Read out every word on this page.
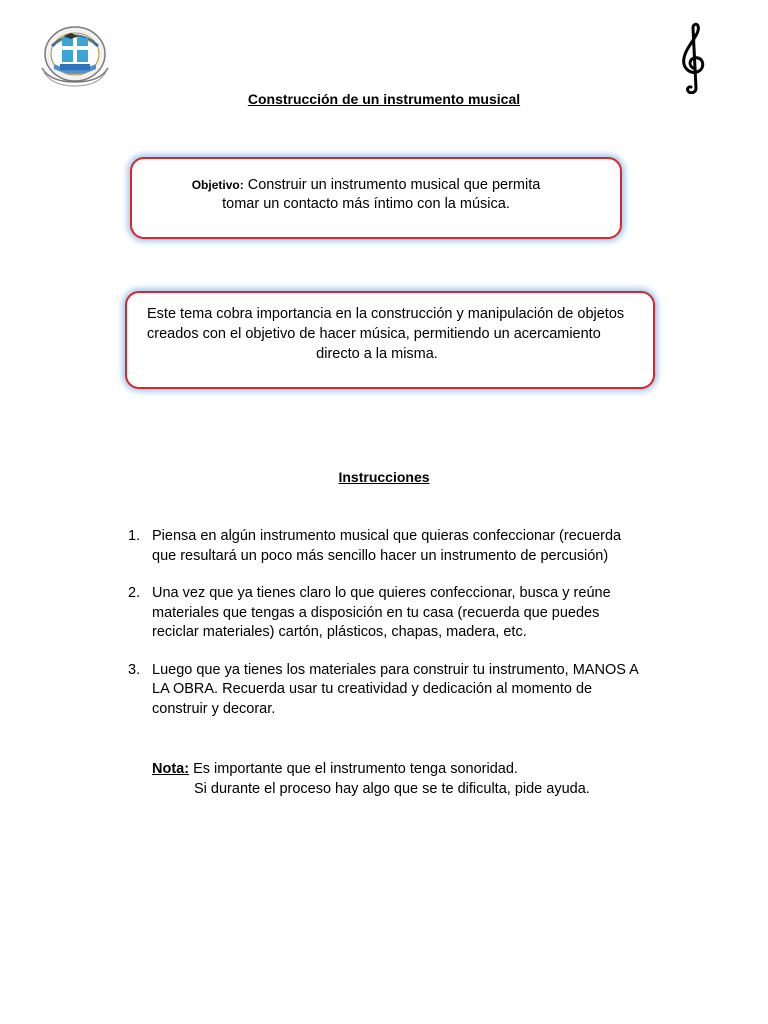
Construcción de un instrumento musical
Objetivo: Construir un instrumento musical que permita
tomar un contacto más íntimo con la música.
Este tema cobra importancia en la construcción y manipulación de objetos
creados con el objetivo de hacer música, permitiendo un acercamiento

directo a la misma.
Instrucciones
1. Piensa en algún instrumento musical que quieras confeccionar (recuerda
que resultará un poco más sencillo hacer un instrumento de percusión)
2. Una vez que ya tienes claro lo que quieres confeccionar, busca y reúne
materiales que tengas a disposición en tu casa (recuerda que puedes
reciclar materiales) cartón, plásticos, chapas, madera, etc.
3. Luego que ya tienes los materiales para construir tu instrumento, MANOS A
LA OBRA. Recuerda usar tu creatividad y dedicación al momento de
construir y decorar.
Nota: Es importante que el instrumento tenga sonoridad.
Si durante el proceso hay algo que se te dificulta, pide ayuda.
